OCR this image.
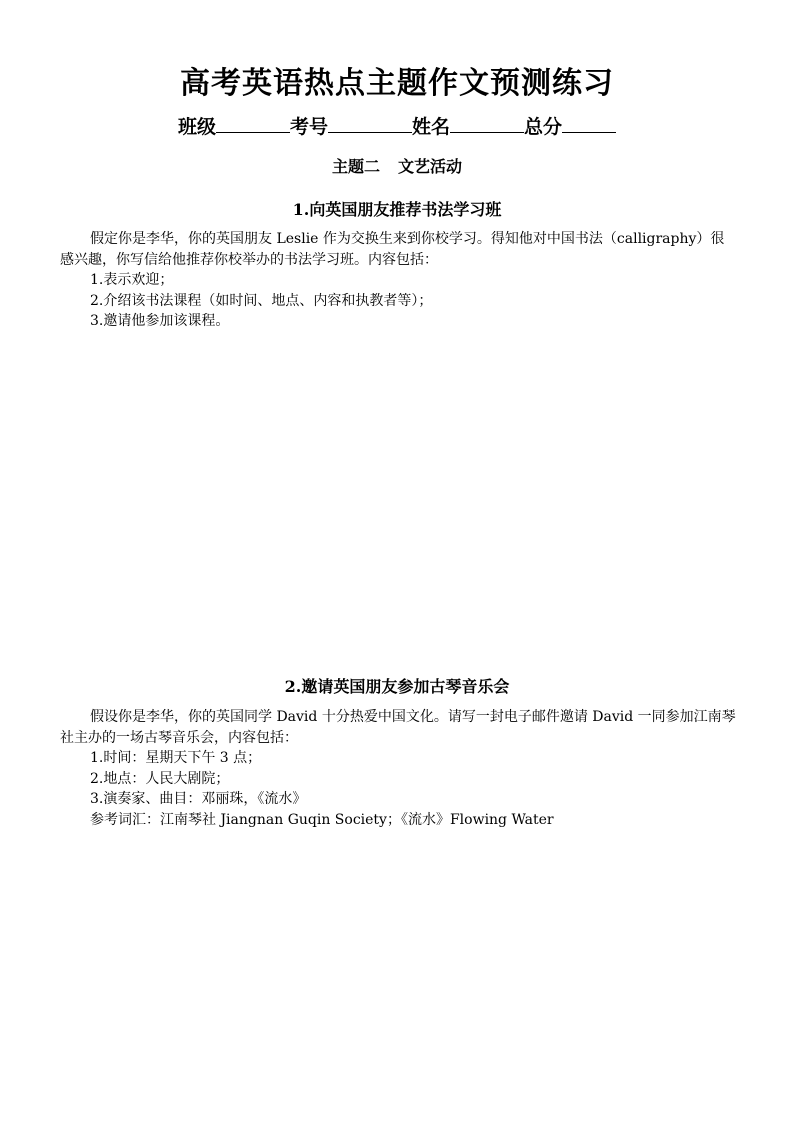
高考英语热点主题作文预测练习
班级	考号	姓名	总分
主题二 文艺活动
1.向英国朋友推荐书法学习班

假定你是李华，你的英国朋友 Leslie 作为交换生来到你校学习。得知他对中国书法（calligraphy）很感兴趣，你写信给他推荐你校举办的书法学习班。内容包括：

1.表示欢迎；
2.介绍该书法课程（如时间、地点、内容和执教者等）；
3.邀请他参加该课程。
2.邀请英国朋友参加古琴音乐会

假设你是李华，你的英国同学 David 十分热爱中国文化。请写一封电子邮件邀请 David 一同参加江南琴社主办的一场古琴音乐会，内容包括：

1.时间：星期天下午 3 点；
2.地点：人民大剧院；
3.演奏家、曲目：邓丽珠，《流水》
参考词汇：江南琴社 Jiangnan Guqin Society；《流水》Flowing Water
